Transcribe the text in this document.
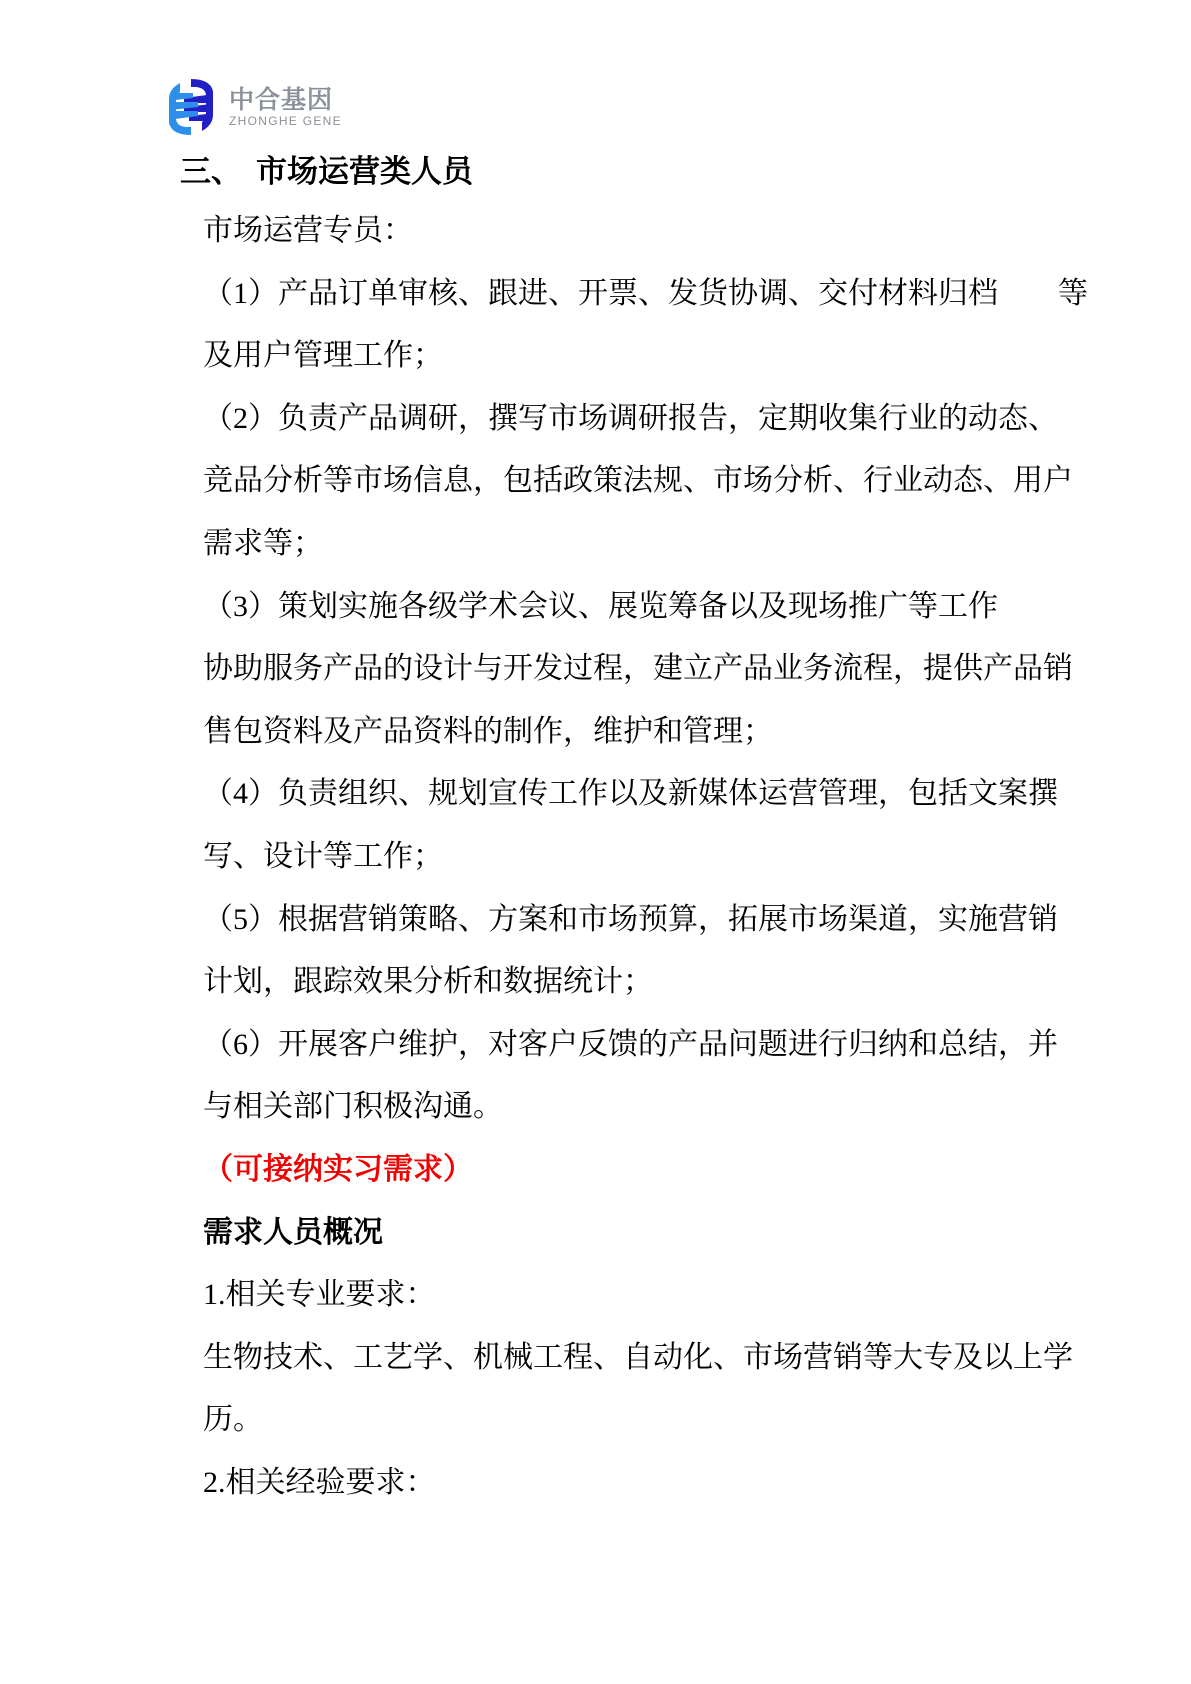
中合基因
ZHONGHE GENE
三、 市场运营类人员
市场运营专员：
（1）产品订单审核、跟进、开票、发货协调、交付材料归档　　等
及用户管理工作；
（2）负责产品调研，撰写市场调研报告，定期收集行业的动态、
竞品分析等市场信息，包括政策法规、市场分析、行业动态、用户
需求等；
（3）策划实施各级学术会议、展览筹备以及现场推广等工作
协助服务产品的设计与开发过程，建立产品业务流程，提供产品销
售包资料及产品资料的制作，维护和管理；
（4）负责组织、规划宣传工作以及新媒体运营管理，包括文案撰
写、设计等工作；
（5）根据营销策略、方案和市场预算，拓展市场渠道，实施营销
计划，跟踪效果分析和数据统计；
（6）开展客户维护，对客户反馈的产品问题进行归纳和总结，并
与相关部门积极沟通。
（可接纳实习需求）
需求人员概况
1.相关专业要求：
生物技术、工艺学、机械工程、自动化、市场营销等大专及以上学
历。
2.相关经验要求：
